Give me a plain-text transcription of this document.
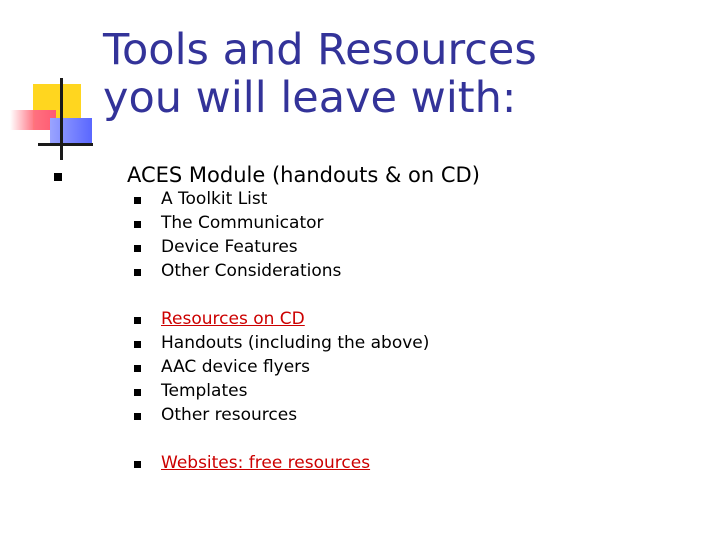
Tools and Resources
you will leave with:
ACES Module (handouts & on CD)
A Toolkit List
The Communicator
Device Features
Other Considerations
Resources on CD
Handouts (including the above)
AAC device flyers
Templates
Other resources
Websites: free resources
